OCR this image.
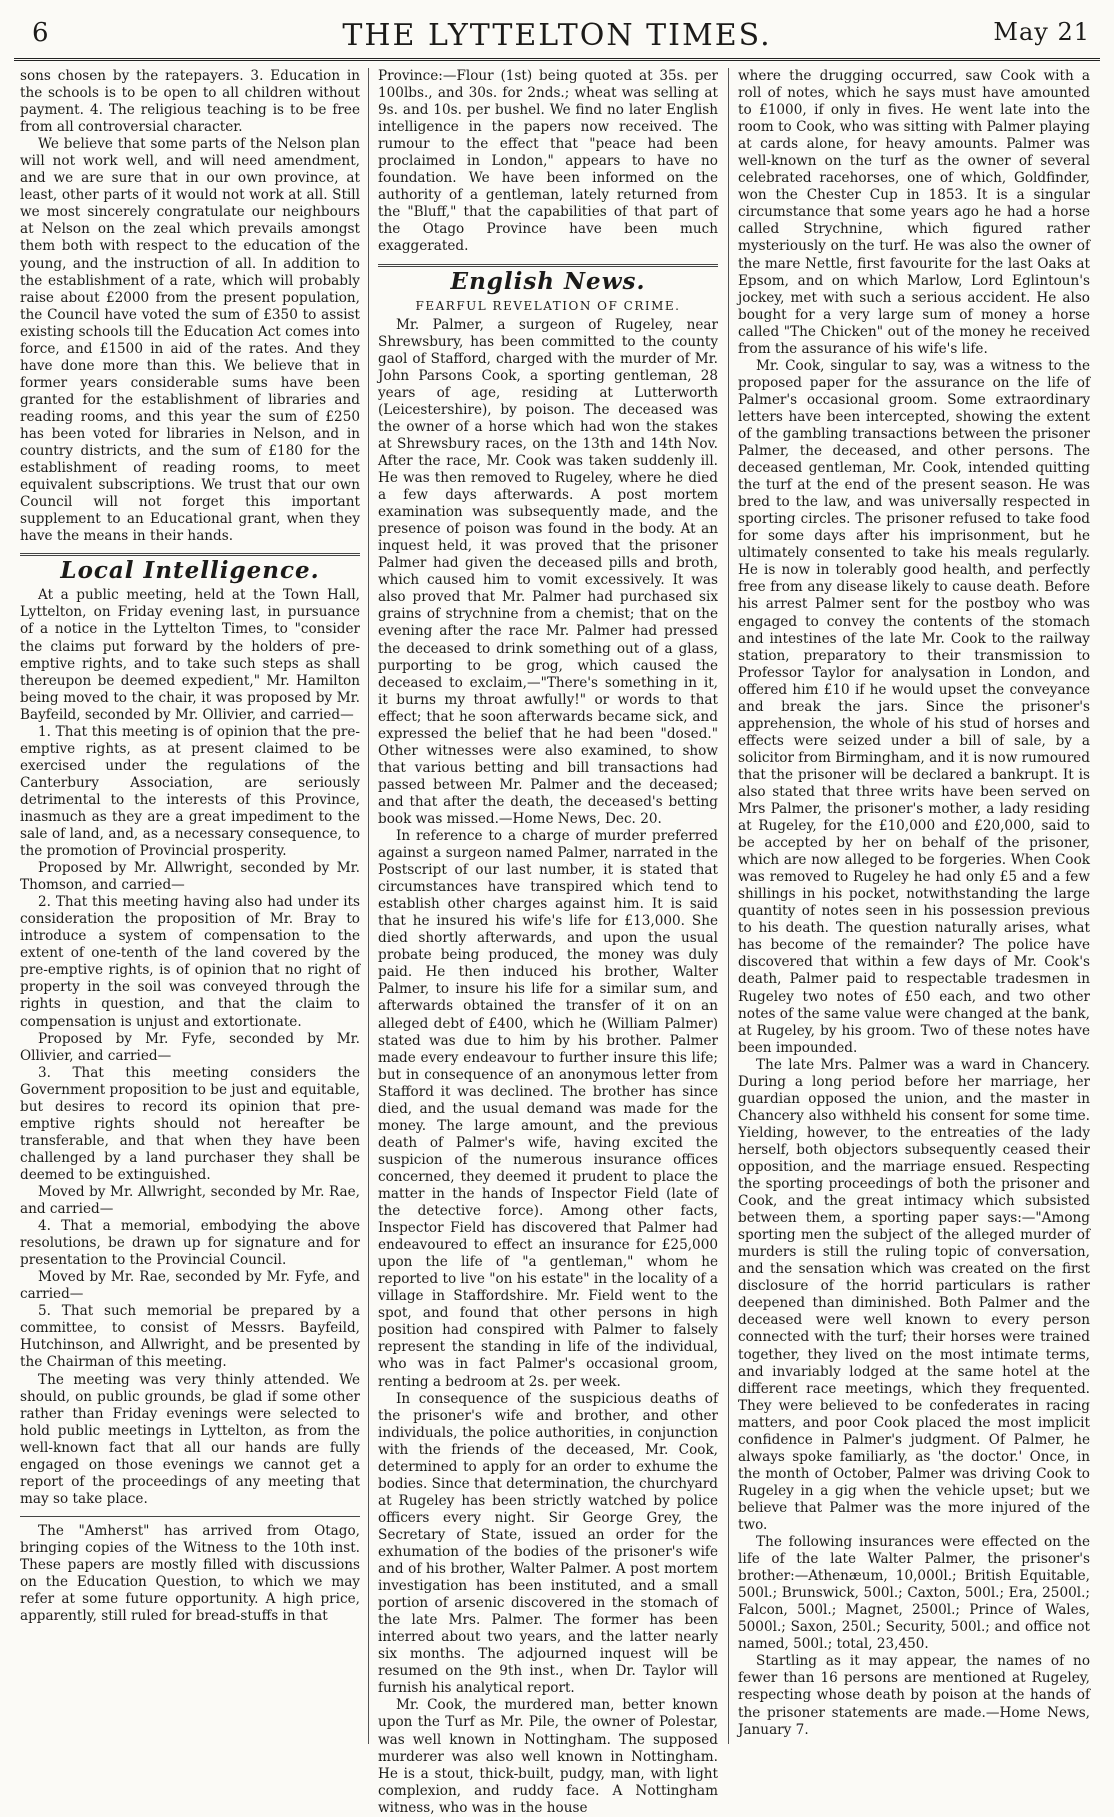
6	THE LYTTELTON TIMES.	May 21

sons chosen by the ratepayers. 3. Education in the schools is to be open to all children without payment. 4. The religious teaching is to be free from all controversial character.

We believe that some parts of the Nelson plan will not work well, and will need amendment, and we are sure that in our own province, at least, other parts of it would not work at all. Still we most sincerely congratulate our neighbours at Nelson on the zeal which prevails amongst them both with respect to the education of the young, and the instruction of all. In addition to the establishment of a rate, which will probably raise about £2000 from the present population, the Council have voted the sum of £350 to assist existing schools till the Education Act comes into force, and £1500 in aid of the rates. And they have done more than this. We believe that in former years considerable sums have been granted for the establishment of libraries and reading rooms, and this year the sum of £250 has been voted for libraries in Nelson, and in country districts, and the sum of £180 for the establishment of reading rooms, to meet equivalent subscriptions. We trust that our own Council will not forget this important supplement to an Educational grant, when they have the means in their hands.

Local Intelligence.

At a public meeting, held at the Town Hall, Lyttelton, on Friday evening last, in pursuance of a notice in the Lyttelton Times, to "consider the claims put forward by the holders of pre-emptive rights, and to take such steps as shall thereupon be deemed expedient," Mr. Hamilton being moved to the chair, it was proposed by Mr. Bayfeild, seconded by Mr. Ollivier, and carried—

1. That this meeting is of opinion that the pre-emptive rights, as at present claimed to be exercised under the regulations of the Canterbury Association, are seriously detrimental to the interests of this Province, inasmuch as they are a great impediment to the sale of land, and, as a necessary consequence, to the promotion of Provincial prosperity.

Proposed by Mr. Allwright, seconded by Mr. Thomson, and carried—

2. That this meeting having also had under its consideration the proposition of Mr. Bray to introduce a system of compensation to the extent of one-tenth of the land covered by the pre-emptive rights, is of opinion that no right of property in the soil was conveyed through the rights in question, and that the claim to compensation is unjust and extortionate.

Proposed by Mr. Fyfe, seconded by Mr. Ollivier, and carried—

3. That this meeting considers the Government proposition to be just and equitable, but desires to record its opinion that pre-emptive rights should not hereafter be transferable, and that when they have been challenged by a land purchaser they shall be deemed to be extinguished.

Moved by Mr. Allwright, seconded by Mr. Rae, and carried—

4. That a memorial, embodying the above resolutions, be drawn up for signature and for presentation to the Provincial Council.

Moved by Mr. Rae, seconded by Mr. Fyfe, and carried—

5. That such memorial be prepared by a committee, to consist of Messrs. Bayfeild, Hutchinson, and Allwright, and be presented by the Chairman of this meeting.

The meeting was very thinly attended. We should, on public grounds, be glad if some other rather than Friday evenings were selected to hold public meetings in Lyttelton, as from the well-known fact that all our hands are fully engaged on those evenings we cannot get a report of the proceedings of any meeting that may so take place.

The "Amherst" has arrived from Otago, bringing copies of the Witness to the 10th inst. These papers are mostly filled with discussions on the Education Question, to which we may refer at some future opportunity. A high price, apparently, still ruled for bread-stuffs in that

Province:—Flour (1st) being quoted at 35s. per 100lbs., and 30s. for 2nds.; wheat was selling at 9s. and 10s. per bushel. We find no later English intelligence in the papers now received. The rumour to the effect that "peace had been proclaimed in London," appears to have no foundation. We have been informed on the authority of a gentleman, lately returned from the "Bluff," that the capabilities of that part of the Otago Province have been much exaggerated.

English News.
FEARFUL REVELATION OF CRIME.

Mr. Palmer, a surgeon of Rugeley, near Shrewsbury, has been committed to the county gaol of Stafford, charged with the murder of Mr. John Parsons Cook, a sporting gentleman, 28 years of age, residing at Lutterworth (Leicestershire), by poison. The deceased was the owner of a horse which had won the stakes at Shrewsbury races, on the 13th and 14th Nov. After the race, Mr. Cook was taken suddenly ill. He was then removed to Rugeley, where he died a few days afterwards. A post mortem examination was subsequently made, and the presence of poison was found in the body. At an inquest held, it was proved that the prisoner Palmer had given the deceased pills and broth, which caused him to vomit excessively. It was also proved that Mr. Palmer had purchased six grains of strychnine from a chemist; that on the evening after the race Mr. Palmer had pressed the deceased to drink something out of a glass, purporting to be grog, which caused the deceased to exclaim,—"There's something in it, it burns my throat awfully!" or words to that effect; that he soon afterwards became sick, and expressed the belief that he had been "dosed." Other witnesses were also examined, to show that various betting and bill transactions had passed between Mr. Palmer and the deceased; and that after the death, the deceased's betting book was missed.—Home News, Dec. 20.

In reference to a charge of murder preferred against a surgeon named Palmer, narrated in the Postscript of our last number, it is stated that circumstances have transpired which tend to establish other charges against him. It is said that he insured his wife's life for £13,000. She died shortly afterwards, and upon the usual probate being produced, the money was duly paid. He then induced his brother, Walter Palmer, to insure his life for a similar sum, and afterwards obtained the transfer of it on an alleged debt of £400, which he (William Palmer) stated was due to him by his brother. Palmer made every endeavour to further insure this life; but in consequence of an anonymous letter from Stafford it was declined. The brother has since died, and the usual demand was made for the money. The large amount, and the previous death of Palmer's wife, having excited the suspicion of the numerous insurance offices concerned, they deemed it prudent to place the matter in the hands of Inspector Field (late of the detective force). Among other facts, Inspector Field has discovered that Palmer had endeavoured to effect an insurance for £25,000 upon the life of "a gentleman," whom he reported to live "on his estate" in the locality of a village in Staffordshire. Mr. Field went to the spot, and found that other persons in high position had conspired with Palmer to falsely represent the standing in life of the individual, who was in fact Palmer's occasional groom, renting a bedroom at 2s. per week.

In consequence of the suspicious deaths of the prisoner's wife and brother, and other individuals, the police authorities, in conjunction with the friends of the deceased, Mr. Cook, determined to apply for an order to exhume the bodies. Since that determination, the churchyard at Rugeley has been strictly watched by police officers every night. Sir George Grey, the Secretary of State, issued an order for the exhumation of the bodies of the prisoner's wife and of his brother, Walter Palmer. A post mortem investigation has been instituted, and a small portion of arsenic discovered in the stomach of the late Mrs. Palmer. The former has been interred about two years, and the latter nearly six months. The adjourned inquest will be resumed on the 9th inst., when Dr. Taylor will furnish his analytical report.

Mr. Cook, the murdered man, better known upon the Turf as Mr. Pile, the owner of Polestar, was well known in Nottingham. The supposed murderer was also well known in Nottingham. He is a stout, thick-built, pudgy, man, with light complexion, and ruddy face. A Nottingham witness, who was in the house

where the drugging occurred, saw Cook with a roll of notes, which he says must have amounted to £1000, if only in fives. He went late into the room to Cook, who was sitting with Palmer playing at cards alone, for heavy amounts. Palmer was well-known on the turf as the owner of several celebrated racehorses, one of which, Goldfinder, won the Chester Cup in 1853. It is a singular circumstance that some years ago he had a horse called Strychnine, which figured rather mysteriously on the turf. He was also the owner of the mare Nettle, first favourite for the last Oaks at Epsom, and on which Marlow, Lord Eglintoun's jockey, met with such a serious accident. He also bought for a very large sum of money a horse called "The Chicken" out of the money he received from the assurance of his wife's life.

Mr. Cook, singular to say, was a witness to the proposed paper for the assurance on the life of Palmer's occasional groom. Some extraordinary letters have been intercepted, showing the extent of the gambling transactions between the prisoner Palmer, the deceased, and other persons. The deceased gentleman, Mr. Cook, intended quitting the turf at the end of the present season. He was bred to the law, and was universally respected in sporting circles. The prisoner refused to take food for some days after his imprisonment, but he ultimately consented to take his meals regularly. He is now in tolerably good health, and perfectly free from any disease likely to cause death. Before his arrest Palmer sent for the postboy who was engaged to convey the contents of the stomach and intestines of the late Mr. Cook to the railway station, preparatory to their transmission to Professor Taylor for analysation in London, and offered him £10 if he would upset the conveyance and break the jars. Since the prisoner's apprehension, the whole of his stud of horses and effects were seized under a bill of sale, by a solicitor from Birmingham, and it is now rumoured that the prisoner will be declared a bankrupt. It is also stated that three writs have been served on Mrs Palmer, the prisoner's mother, a lady residing at Rugeley, for the £10,000 and £20,000, said to be accepted by her on behalf of the prisoner, which are now alleged to be forgeries. When Cook was removed to Rugeley he had only £5 and a few shillings in his pocket, notwithstanding the large quantity of notes seen in his possession previous to his death. The question naturally arises, what has become of the remainder? The police have discovered that within a few days of Mr. Cook's death, Palmer paid to respectable tradesmen in Rugeley two notes of £50 each, and two other notes of the same value were changed at the bank, at Rugeley, by his groom. Two of these notes have been impounded.

The late Mrs. Palmer was a ward in Chancery. During a long period before her marriage, her guardian opposed the union, and the master in Chancery also withheld his consent for some time. Yielding, however, to the entreaties of the lady herself, both objectors subsequently ceased their opposition, and the marriage ensued. Respecting the sporting proceedings of both the prisoner and Cook, and the great intimacy which subsisted between them, a sporting paper says:—"Among sporting men the subject of the alleged murder of murders is still the ruling topic of conversation, and the sensation which was created on the first disclosure of the horrid particulars is rather deepened than diminished. Both Palmer and the deceased were well known to every person connected with the turf; their horses were trained together, they lived on the most intimate terms, and invariably lodged at the same hotel at the different race meetings, which they frequented. They were believed to be confederates in racing matters, and poor Cook placed the most implicit confidence in Palmer's judgment. Of Palmer, he always spoke familiarly, as 'the doctor.' Once, in the month of October, Palmer was driving Cook to Rugeley in a gig when the vehicle upset; but we believe that Palmer was the more injured of the two.

The following insurances were effected on the life of the late Walter Palmer, the prisoner's brother:—Athenæum, 10,000l.; British Equitable, 500l.; Brunswick, 500l.; Caxton, 500l.; Era, 2500l.; Falcon, 500l.; Magnet, 2500l.; Prince of Wales, 5000l.; Saxon, 250l.; Security, 500l.; and office not named, 500l.; total, 23,450.

Startling as it may appear, the names of no fewer than 16 persons are mentioned at Rugeley, respecting whose death by poison at the hands of the prisoner statements are made.—Home News, January 7.
